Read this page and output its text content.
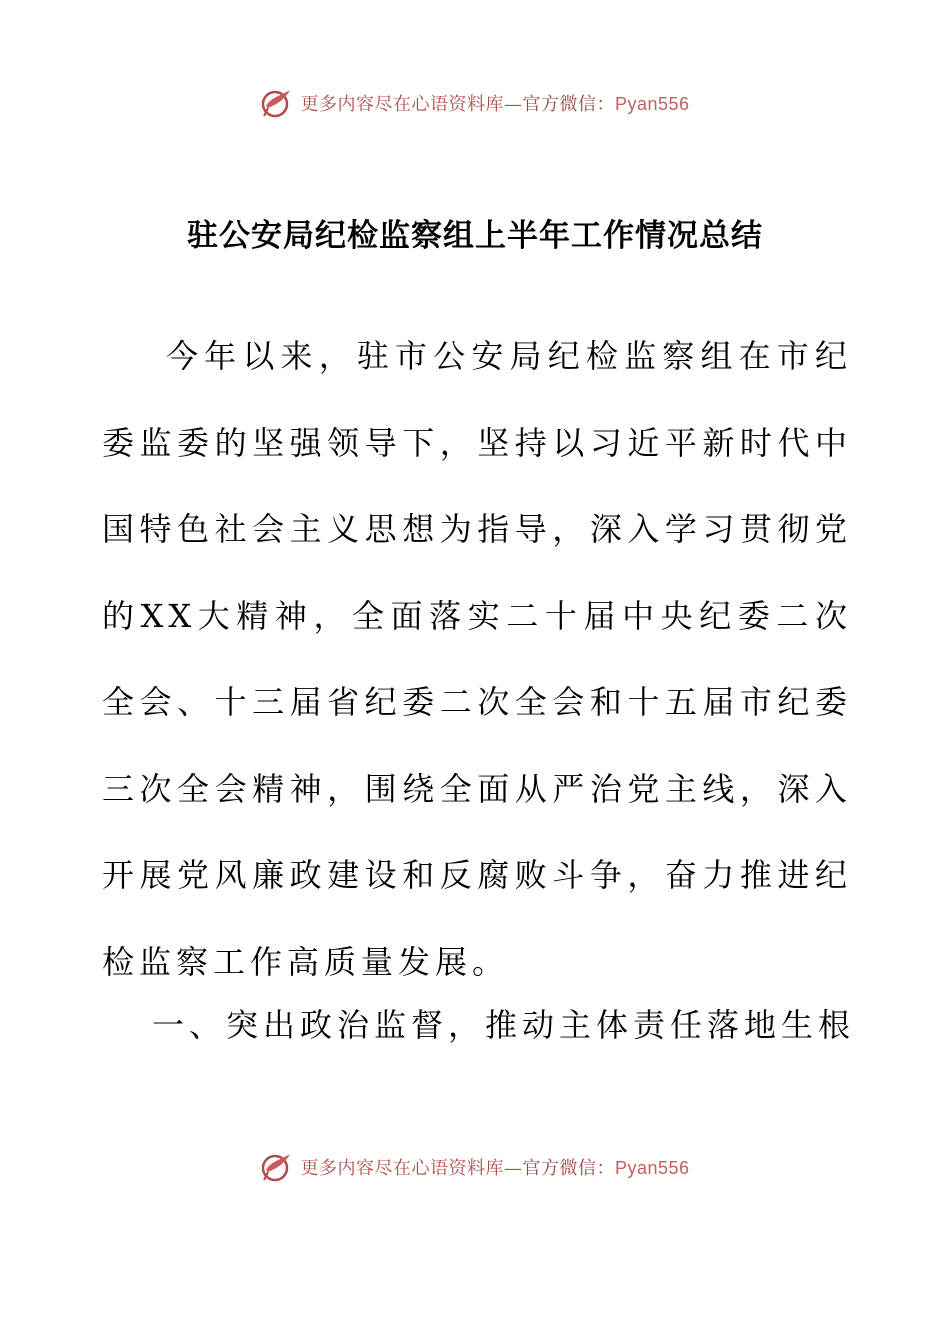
更多内容尽在心语资料库—官方微信：Pyan556
驻公安局纪检监察组上半年工作情况总结

今年以来，驻市公安局纪检监察组在市纪委监委的坚强领导下，坚持以习近平新时代中国特色社会主义思想为指导，深入学习贯彻党的XX大精神，全面落实二十届中央纪委二次全会、十三届省纪委二次全会和十五届市纪委三次全会精神，围绕全面从严治党主线，深入开展党风廉政建设和反腐败斗争，奋力推进纪检监察工作高质量发展。

一、突出政治监督，推动主体责任落地生根
更多内容尽在心语资料库—官方微信：Pyan556
